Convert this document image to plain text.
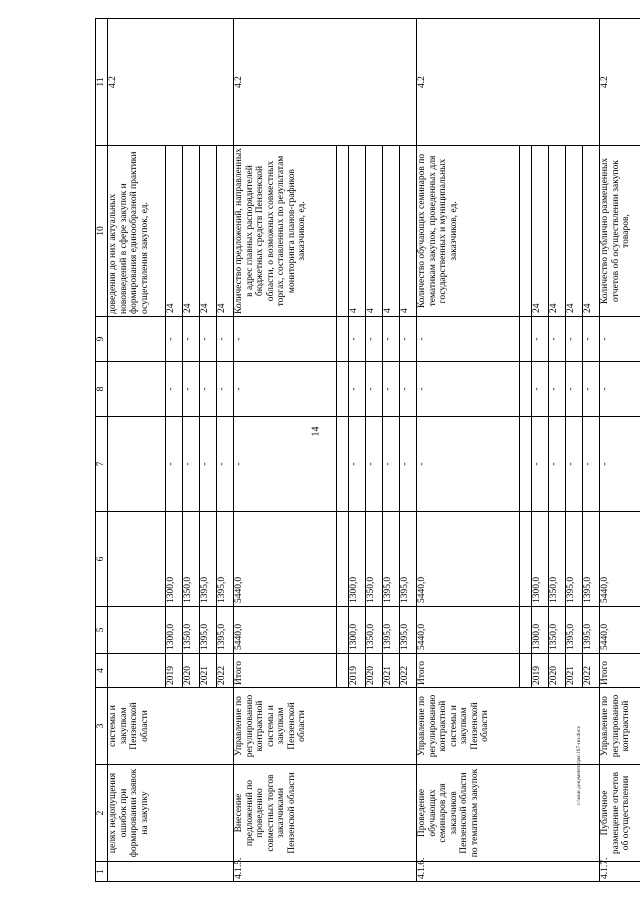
14
1	2	3	4	5	6	7	8	9	10	11
	целях недопущения ошибок при формировании заявок на закупку	системы и закупкам Пензенской области							доведения до них актуальных нововведений в сфере закупок и формирования единообразной практики осуществления закупок, ед.	4.2
			2019	1300,0	1300,0	-	-	-	24	
			2020	1350,0	1350,0	-	-	-	24	
			2021	1395,0	1395,0	-	-	-	24	
			2022	1395,0	1395,0	-	-	-	24	
4.1.5.	Внесение предложений по проведению совместных торгов заказчиками Пензенской области	Управление по регулированию контрактной системы и закупкам Пензенской области	Итого	5440,0	5440,0	-	-	-	Количество предложений, направленных в адрес главных распорядителей бюджетных средств Пензенской области, о возможных совместных торгах, составленных по результатам мониторинга планов-графиков заказчиков, ед.	4.2

			2019	1300,0	1300,0	-	-	-	4	
			2020	1350,0	1350,0	-	-	-	4	
			2021	1395,0	1395,0	-	-	-	4	
			2022	1395,0	1395,0	-	-	-	4	
4.1.6.	Проведение обучающих семинаров для заказчиков Пензенской области по тематикам закупок	Управление по регулированию контрактной системы и закупкам Пензенской области	Итого	5440,0	5440,0	-	-	-	Количество обучающих семинаров по тематикам закупок, проведенных для государственных и муниципальных заказчиков, ед.	4.2

			2019	1300,0	1300,0	-	-	-	24	
			2020	1350,0	1350,0	-	-	-	24	
			2021	1395,0	1395,0	-	-	-	24	
			2022	1395,0	1395,0	-	-	-	24	
4.1.7.	Публичное размещение отчетов об осуществлении	Управление по регулированию контрактной	Итого	5440,0	5440,0	-	-	-	Количество публично размещенных отчетов об осуществлении закупок товаров,	4.2
c:\мои документы\рм\167-пп.docx
